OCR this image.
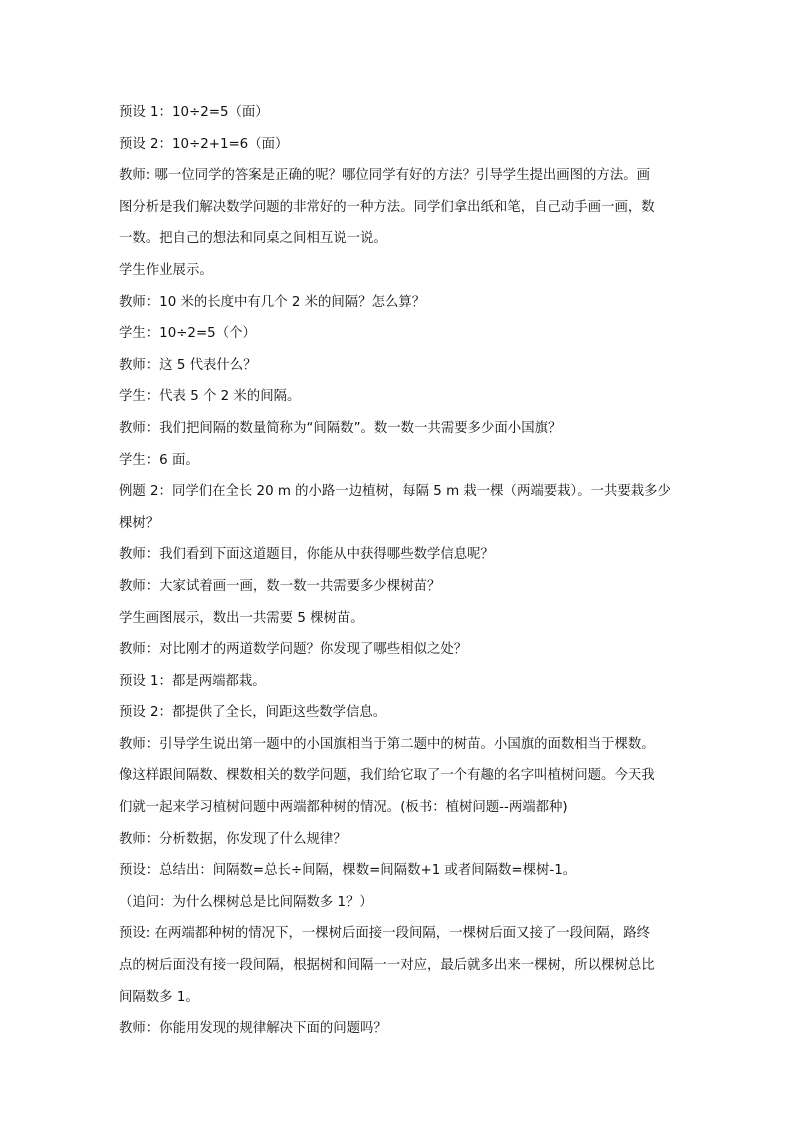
预设 1：10÷2=5（面）
预设 2：10÷2+1=6（面）
教师: 哪一位同学的答案是正确的呢？哪位同学有好的方法？引导学生提出画图的方法。画
图分析是我们解决数学问题的非常好的一种方法。同学们拿出纸和笔，自己动手画一画，数
一数。把自己的想法和同桌之间相互说一说。
学生作业展示。
教师：10 米的长度中有几个 2 米的间隔？怎么算？
学生：10÷2=5（个）
教师：这 5 代表什么？
学生：代表 5 个 2 米的间隔。
教师：我们把间隔的数量简称为“间隔数”。数一数一共需要多少面小国旗？
学生：6 面。
例题 2：同学们在全长 20 m 的小路一边植树，每隔 5 m 栽一棵（两端要栽）。一共要栽多少
棵树？
教师：我们看到下面这道题目，你能从中获得哪些数学信息呢？
教师：大家试着画一画，数一数一共需要多少棵树苗？
学生画图展示，数出一共需要 5 棵树苗。
教师：对比刚才的两道数学问题？你发现了哪些相似之处？
预设 1：都是两端都栽。
预设 2：都提供了全长，间距这些数学信息。
教师：引导学生说出第一题中的小国旗相当于第二题中的树苗。小国旗的面数相当于棵数。
像这样跟间隔数、棵数相关的数学问题，我们给它取了一个有趣的名字叫植树问题。今天我
们就一起来学习植树问题中两端都种树的情况。(板书：植树问题--两端都种)
教师：分析数据，你发现了什么规律？
预设：总结出：间隔数=总长÷间隔，棵数=间隔数+1 或者间隔数=棵树-1。
（追问：为什么棵树总是比间隔数多 1？）
预设: 在两端都种树的情况下，一棵树后面接一段间隔，一棵树后面又接了一段间隔，路终
点的树后面没有接一段间隔，根据树和间隔一一对应，最后就多出来一棵树，所以棵树总比
间隔数多 1。
教师：你能用发现的规律解决下面的问题吗？
